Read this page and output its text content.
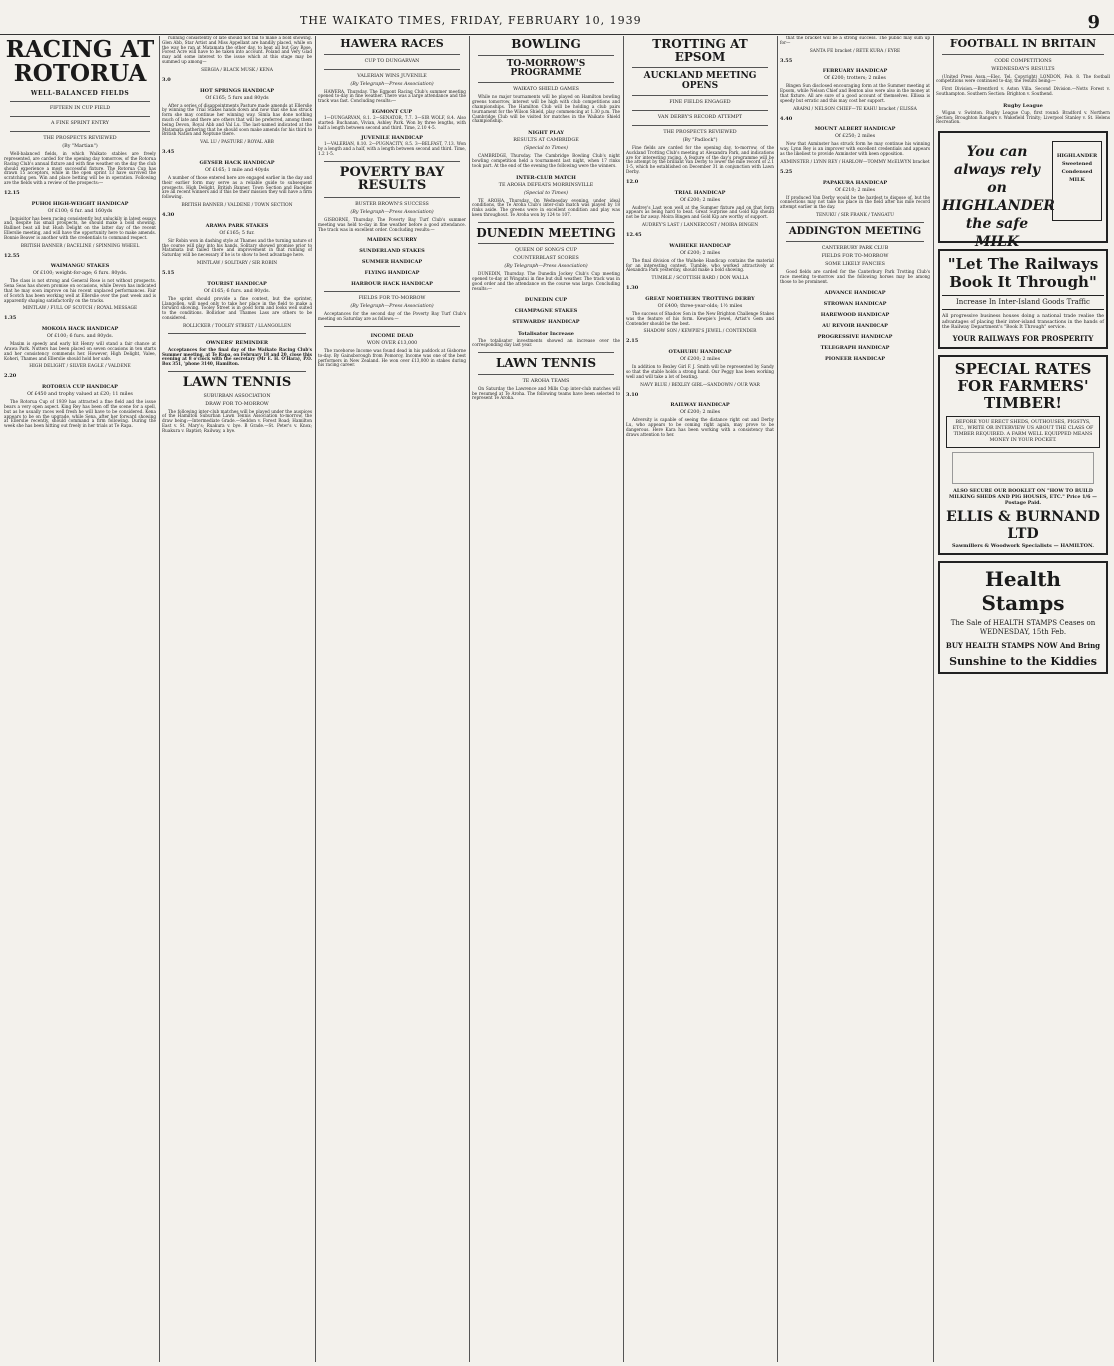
THE WAIKATO TIMES, FRIDAY, FEBRUARY 10, 1939	9
RACING AT ROTORUA
WELL-BALANCED FIELDS
FIFTEEN IN CUP FIELD
A FINE SPRINT ENTRY
THE PROSPECTS REVIEWED
(By "Martian")

Well-balanced fields, in which Waikato stables are freely represented, are carded for the opening day tomorrow, of the Rotorua Racing Club's annual fixture and with fine weather on the day the club should experience a most successful fixture. The Rotorua Cup has drawn 15 acceptors, while in the open sprint 13 have survived the scratching pen. Win and place betting will be in operation. Following are the fields with a review of the prospects:—

12.15
PUHOI HIGH-WEIGHT HANDICAP
Of £100; 6 fur. and 160yds

Inquisitor has been racing consistently but unluckily in latest essays and, despite his small prospects, he should make a bold showing. Ballinet beat all but Hush Delight on the latter day of the recent Ellerslie meeting, and will have the opportunity here to make amends. Bonnie Beaver is another with the credentials to command respect.

BRITISH BANNER / BACELINE / SPINNING WHEEL
12.55
WAIMANGU STAKES
Of £100; weight-for-age; 6 furs. 80yds.

The class is not strong and General Rose is not without prospects. Sena Seas has shown promise on occasions, while Devon has indicated that he may soon improve on his recent unplaced performances. Fair of Scotch has been working well at Ellerslie over the past week and is apparently shaping satisfactorily on the tracks.

MINTLAW / FULL OF SCOTCH / ROYAL MESSAGE
1.35
MOKOIA HACK HANDICAP
Of £100; 6 furs. and 80yds.

Maxim is speedy and early hit Henry will stand a fair chance at Arawa Park. Nutters has been placed on seven occasions in ten starts and her consistency commends her. However, High Delight, Valee, Koheri, Thames and Ellerslie should hold her safe.

HIGH DELIGHT / SILVER EAGLE / VALDENE
2.20
ROTORUA CUP HANDICAP
Of £450 and trophy valued at £20; 11 miles

The Rotorua Cup of 1939 has attracted a fine field and the issue bears a very open aspect. King Rey has been off the scene for a spell, but as he usually races well fresh he will have to be considered. Kena appears to be on the upgrade, while Sena, after her forward showing at Ellerslie recently, should command a firm following. During the week she has been hitting out freely in her trials at Te Rapa.

running consistently of late should not fail to make a bold showing. Glen Abb, Star Artist and Miss Appellant are handily placed, while on the way he ran at Matamata the other day, to beat all but Gay Rose, Forest Acre will have to be taken into account. Poland and Very Glad may add some interest to the issue which at this stage may be summed up among—

SERGIA / BLACK MUSK / KENA
3.0
HOT SPRINGS HANDICAP
Of £165; 5 furs and 80yds

After a series of disappointments Pasture made amends at Ellerslie by winning the Trial Stakes hands down and now that she has struck form she may continue her winning way. Simla has done nothing much of late and there are others that will be preferred, among them being Devon, Royal Abb and Val Lu. The last-named indicated at the Matamata gathering that he should soon make amends for his third to British Nation and Neptune there.

VAL LU / PASTURE / ROYAL ABB
3.45
GEYSER HACK HANDICAP
Of £165; 1 mile and 40yds

A number of those entered here are engaged earlier in the day and their earlier form may serve as a reliable guide to subsequent prospects. High Delight, British Banner, Town Section and Baceline are all recent winners and if this be their mission they will have a firm following.

BRITISH BANNER / VALDENE / TOWN SECTION
4.30
ARAWA PARK STAKES
Of £165; 5 fur.

Sir Robin won in dashing style at Thames and the turning nature of the course will play into his hands. Solitary showed promise prior to Matamata but failed there and improvement in that running of Saturday will be necessary if he is to show to best advantage here.

MINTLAW / SOLITARY / SIR ROBIN
5.15
TOURIST HANDICAP
Of £165; 6 furs. and 80yds.

The sprint should provide a fine contest, but the sprinter, Llangollen, will need only to take her place in the field to make a forward showing. Tooley Street is in good form and looks well suited to the conditions. Bollicker and Thames Lass are others to be considered.

ROLLICKER / TOOLEY STREET / LLANGOLLEN
OWNERS' REMINDER

Acceptances for the final day of the Waikato Racing Club's Summer meeting, at Te Rapa, on February 18 and 20, close this evening at 8 o'clock with the secretary (Mr E. H. O'Hara), P.O. Box 351, 'phone 3140, Hamilton.

LAWN TENNIS
SUBURBAN ASSOCIATION
DRAW FOR TO-MORROW

The following inter-club matches will be played under the auspices of the Hamilton Suburban Lawn Tennis Association to-morrow, the draw being:—Intermediate Grade.—Seddon v. Forest Road; Hamilton East v. St. Mary's; Ruakura v. bye. B Grade.—St. Peter's v. Knox; Ruakura v. Baptist; Railway, a bye.

HAWERA RACES
CUP TO DUNGARVAN
VALERIAN WINS JUVENILE
(By Telegraph—Press Association)

HAWERA, Thursday. The Egmont Racing Club's summer meeting opened to-day in fine weather. There was a large attendance and the track was fast. Concluding results:—

EGMONT CUP

1—DUNGARVAN, 8.1. 2—SENATOR, 7.7. 3—SIR WOLF, 8.4. Also started: Buchanan, Vivian, Ashley Park. Won by three lengths, with half a length between second and third. Time, 2.10 4-5.

JUVENILE HANDICAP

1—VALERIAN, 8.10. 2—PUGNACITY, 8.5. 3—BELFAST, 7.13. Won by a length and a half, with a length between second and third. Time, 1.2 1-5.

POVERTY BAY RESULTS
BUSTER BROWN'S SUCCESS
(By Telegraph—Press Association)

GISBORNE, Thursday. The Poverty Bay Turf Club's summer meeting was held to-day in fine weather before a good attendance. The track was in excellent order. Concluding results:—

MAIDEN SCURRY
SUNDERLAND STAKES
SUMMER HANDICAP
FLYING HANDICAP
HARBOUR HACK HANDICAP
FIELDS FOR TO-MORROW
(By Telegraph—Press Association)

Acceptances for the second day of the Poverty Bay Turf Club's meeting on Saturday are as follows:—

INCOME DEAD
WON OVER £13,000

The racehorse Income was found dead in his paddock at Gisborne to-day. By Gainsborough from Pomoroy, Income was one of the best performers in New Zealand. He won over £13,000 in stakes during his racing career.

BOWLING
TO-MORROW'S PROGRAMME
WAIKATO SHIELD GAMES

While no major tournaments will be played on Hamilton bowling greens tomorrow, interest will be high with club competitions and championships. The Hamilton Club will be holding a club pairs tournament for the Wilson Shield, play commencing at 1.30 p.m. The Cambridge Club will be visited for matches in the Waikato Shield championship.

NIGHT PLAY
RESULTS AT CAMBRIDGE
(Special to Times)

CAMBRIDGE, Thursday. The Cambridge Bowling Club's night bowling competition held a tournament last night, when 17 rinks took part. At the end of the evening the following were the winners.

INTER-CLUB MATCH
TE AROHA DEFEATS MORRINSVILLE
(Special to Times)

TE AROHA, Thursday. On Wednesday evening, under ideal conditions, the Te Aroha Club's inter-club match was played by 18 rinks aside. The greens were in excellent condition and play was keen throughout. Te Aroha won by 124 to 107.

DUNEDIN MEETING
QUEEN OF SONG'S CUP
COUNTERBLAST SCORES
(By Telegraph—Press Association)

DUNEDIN, Thursday. The Dunedin Jockey Club's Cup meeting opened to-day at Wingatui in fine but dull weather. The track was in good order and the attendance on the course was large. Concluding results:—

DUNEDIN CUP
CHAMPAGNE STAKES
STEWARDS' HANDICAP
Totalisator Increase

The totalisator investments showed an increase over the corresponding day last year.

LAWN TENNIS
TE AROHA TEAMS

On Saturday the Lawrence and Mills Cup inter-club matches will be resumed at Te Aroha. The following teams have been selected to represent Te Aroha.

TROTTING AT EPSOM
AUCKLAND MEETING OPENS
FINE FIELDS ENGAGED
VAN DERBY'S RECORD ATTEMPT
THE PROSPECTS REVIEWED
(By "Padlock")

Fine fields are carded for the opening day, to-morrow, of the Auckland Trotting Club's meeting at Alexandra Park, and indications are for interesting racing. A feature of the day's programme will be the attempt by the brilliant Van Derby to lower the mile record of 2.1 1-5, which he established on December 31 in conjunction with Lawn Derby.

12.0
TRIAL HANDICAP
Of £200; 2 miles

Audrey's Last won well at the Summer fixture and on that form appears as being hard to beat. Great Surprise and Gold Kip should not be far away. Moira Bingen and Gold Kip are worthy of support.

AUDREY'S LAST / LANNERCOST / MOIRA BINGEN
12.45
WAIHEKE HANDICAP
Of £200; 2 miles

The final division of the Waiheke Handicap contains the material for an interesting contest. Tumble, who worked attractively at Alexandra Park yesterday, should make a bold showing.

TUMBLE / SCOTTISH BARD / DON WALLA
1.30
GREAT NORTHERN TROTTING DERBY
Of £400; three-year-olds; 1½ miles

The success of Shadow Son in the New Brighton Challenge Stakes was the feature of his form. Kewpie's Jewel, Artist's Gem and Contender should be the best.

SHADOW SON / KEWPIE'S JEWEL / CONTENDER
2.15
OTAHUHU HANDICAP
Of £200; 2 miles

In addition to Bexley Girl F. J. Smith will be represented by Sandy so that the stable holds a strong hand. Our Peggy has been working well and will take a lot of beating.

NAVY BLUE / BEXLEY GIRL—SANDOWN / OUR WAR
3.10
RAILWAY HANDICAP
Of £200; 2 miles

Adversity is capable of seeing the distance right out and Derby Lu, who appears to be coming right again, may prove to be dangerous. Here Kara has been working with a consistency that draws attention to her.

that the bracket will be a strong success. The public may sum up for—

SANTA FE bracket / RETE KURA / EYRE
3.55
FEBRUARY HANDICAP
Of £200; trotters; 2 miles

Bingen Sun disclosed encouraging form at the Summer meeting at Epsom, while Nelson Chief and Benton also were also in the money at that fixture. All are sure of a good account of themselves. Ellissa is speedy but erratic and this may cost her support.

ARAPAI / NELSON CHIEF—TE KAHU bracket / ELISSA
4.40
MOUNT ALBERT HANDICAP
Of £250; 2 miles

Now that Axminster has struck form he may continue his winning way. Lynn Rey is an improver with excellent credentials and appears as the likeliest to provide Axminster with keen opposition.

AXMINSTER / LYNN REY / HARLOW—TOMMY McELWYN bracket
5.25
PAPAKURA HANDICAP
Of £210; 2 miles

If produced Van Derby would be the hardest to dispose of, but the connections may not take his place in the field after his mile record attempt earlier in the day.

TENUKU / SIR FRANK / TANGATU
ADDINGTON MEETING
CANTERBURY PARK CLUB
FIELDS FOR TO-MORROW
SOME LIKELY FANCIES

Good fields are carded for the Canterbury Park Trotting Club's race meeting to-morrow and the following horses may be among those to be prominent.

ADVANCE HANDICAP
STROWAN HANDICAP
HAREWOOD HANDICAP
AU REVOIR HANDICAP
PROGRESSIVE HANDICAP
TELEGRAPH HANDICAP
PIONEER HANDICAP
FOOTBALL IN BRITAIN
CODE COMPETITIONS
WEDNESDAY'S RESULTS

(United Press Assn.—Elec. Tel. Copyright) LONDON, Feb. 8. The football competitions were continued to-day, the results being:—

First Division.—Brentford v. Aston Villa. Second Division.—Notts Forest v. Southampton. Southern Section: Brighton v. Southend.

Rugby League

Wigan v. Swinton. Rugby League Cup, first round: Bradford v. Northern Section; Broughton Rangers v. Wakefield Trinity; Liverpool Stanley v. St. Helens Recreation.

You can always rely on HIGHLANDER the safe MILK
HIGHLANDER Sweetened Condensed MILK
"Let The Railways Book It Through"
Increase In Inter-Island Goods Traffic
All progressive business houses doing a national trade realise the advantages of placing their inter-island transactions in the hands of the Railway Department's "Book It Through" service.
YOUR RAILWAYS FOR PROSPERITY
SPECIAL RATES FOR FARMERS' TIMBER!
BEFORE YOU ERECT SHEDS, OUTHOUSES, PIGSTYS, ETC., WRITE OR INTERVIEW US ABOUT THE CLASS OF TIMBER REQUIRED. A FARM WELL EQUIPPED MEANS MONEY IN YOUR POCKET.
ALSO SECURE OUR BOOKLET ON "HOW TO BUILD MILKING SHEDS AND PIG HOUSES, ETC." Price 1/6 — Postage Paid.
ELLIS & BURNAND LTD
Sawmillers & Woodwork Specialists — HAMILTON.
Health Stamps
The Sale of HEALTH STAMPS Ceases on WEDNESDAY, 15th Feb.
BUY HEALTH STAMPS NOW And Bring
Sunshine to the Kiddies
